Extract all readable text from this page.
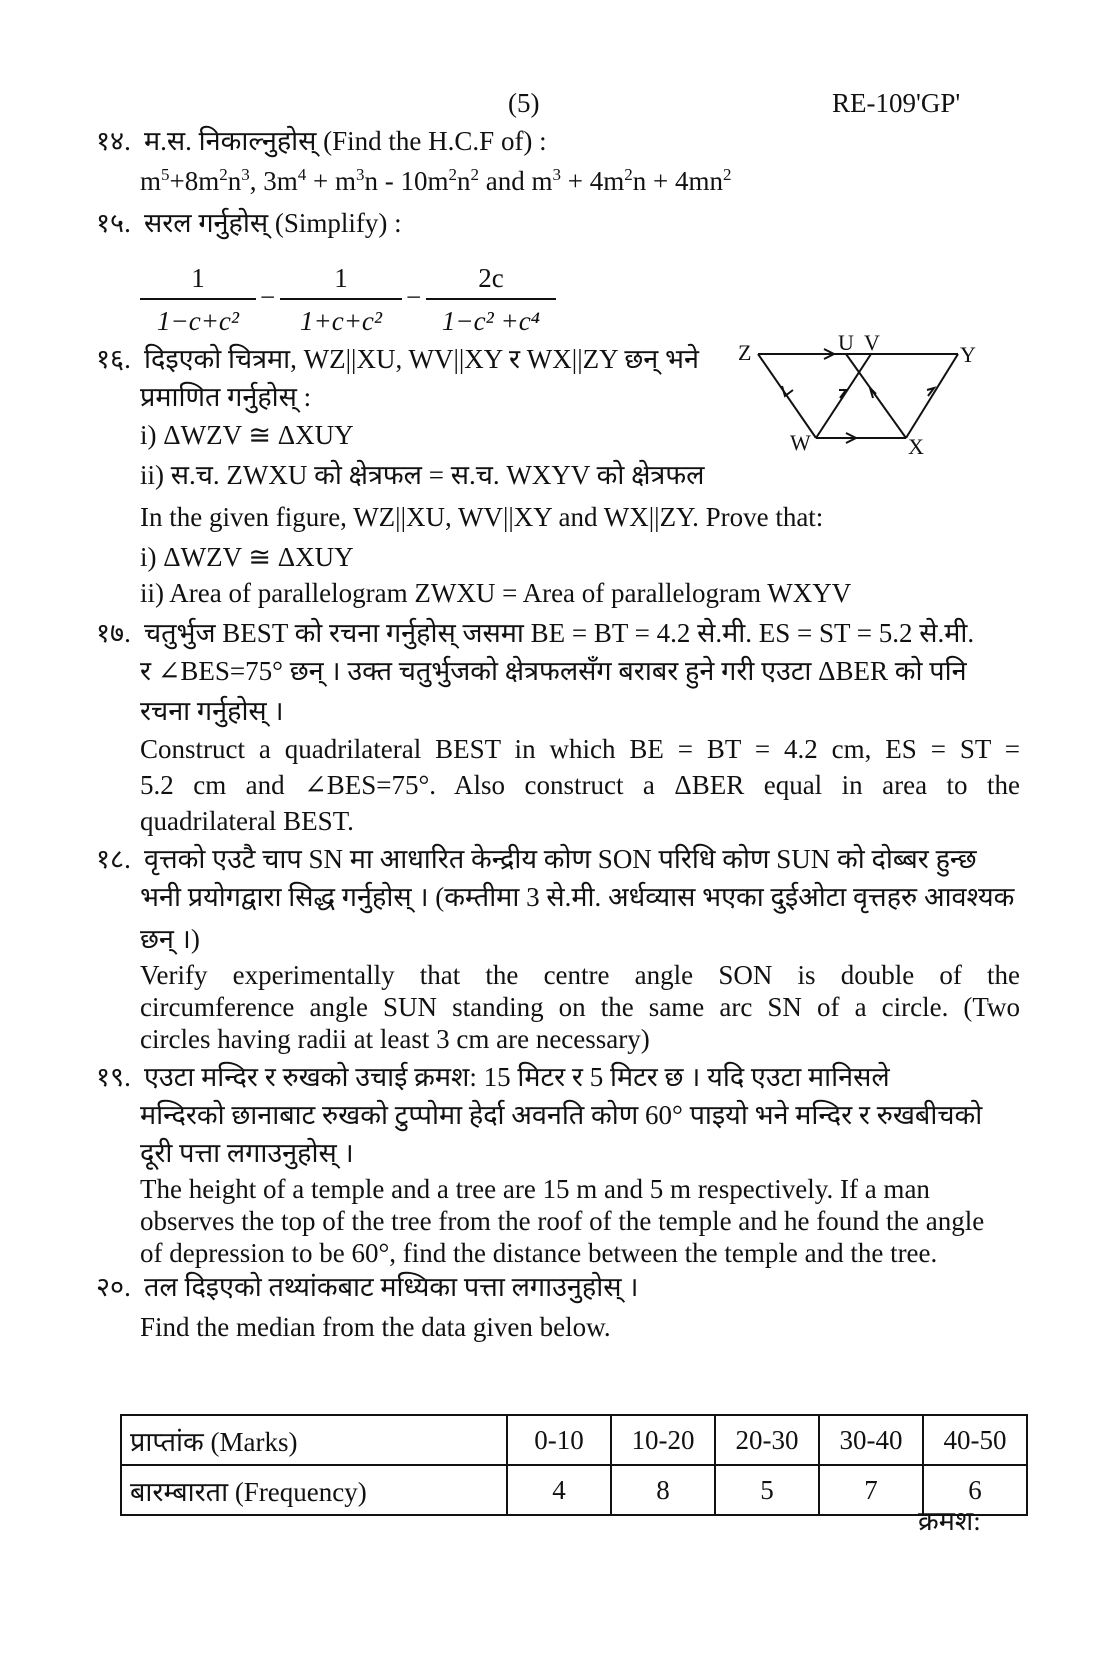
(5)	RE-109'GP'
१४. म.स. निकाल्नुहोस् (Find the H.C.F of) :
$m^5+8m^2n^3$, $3m^4 + m^3n - 10m^2n^2$ and $m^3 + 4m^2n + 4mn^2$
१५. सरल गर्नुहोस् (Simplify) :
1
1−c+c²
−
1
1+c+c²
−
2c
1−c² +c⁴
१६. दिइएको चित्रमा, WZ||XU, WV||XY र WX||ZY छन् भने
प्रमाणित गर्नुहोस् :
i) ΔWZV ≅ ΔXUY
ii) स.च. ZWXU को क्षेत्रफल = स.च. WXYV को क्षेत्रफल
In the given figure, WZ||XU, WV||XY and WX||ZY. Prove that:
i) ΔWZV ≅ ΔXUY
ii) Area of parallelogram ZWXU = Area of parallelogram WXYV
Z	U V	Y
W	X
१७. चतुर्भुज BEST को रचना गर्नुहोस् जसमा BE = BT = 4.2 से.मी. ES = ST = 5.2 से.मी.
र ∠BES=75° छन् । उक्त चतुर्भुजको क्षेत्रफलसँग बराबर हुने गरी एउटा ΔBER को पनि
रचना गर्नुहोस् ।
Construct a quadrilateral BEST in which BE = BT = 4.2 cm, ES = ST =
5.2 cm and ∠BES=75°. Also construct a ΔBER equal in area to the
quadrilateral BEST.
१८. वृत्तको एउटै चाप SN मा आधारित केन्द्रीय कोण SON परिधि कोण SUN को दोब्बर हुन्छ
भनी प्रयोगद्वारा सिद्ध गर्नुहोस् । (कम्तीमा 3 से.मी. अर्धव्यास भएका दुईओटा वृत्तहरु आवश्यक
छन् ।)
Verify experimentally that the centre angle SON is double of the
circumference angle SUN standing on the same arc SN of a circle. (Two
circles having radii at least 3 cm are necessary)
१९. एउटा मन्दिर र रुखको उचाई क्रमश: 15 मिटर र 5 मिटर छ । यदि एउटा मानिसले
मन्दिरको छानाबाट रुखको टुप्पोमा हेर्दा अवनति कोण 60° पाइयो भने मन्दिर र रुखबीचको
दूरी पत्ता लगाउनुहोस् ।
The height of a temple and a tree are 15 m and 5 m respectively. If a man
observes the top of the tree from the roof of the temple and he found the angle
of depression to be 60°, find the distance between the temple and the tree.
२०. तल दिइएको तथ्यांकबाट मध्यिका पत्ता लगाउनुहोस् ।
Find the median from the data given below.
प्राप्तांक (Marks)	0-10	10-20	20-30	30-40	40-50
बारम्बारता (Frequency)	4	8	5	7	6
क्रमश:
